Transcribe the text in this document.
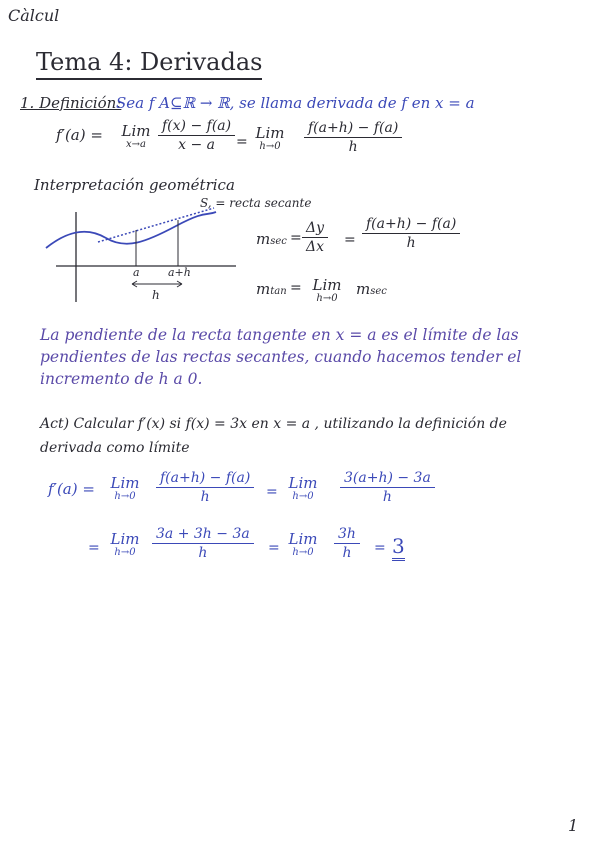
Càlcul
Tema 4: Derivadas
1. Definición:
Sea f A⊆ℝ → ℝ, se llama derivada de f en x = a
f′(a) =	Lim
x→a
f(x) − f(a)
x − a	= Lim
h→0
f(a+h) − f(a)
h
Interpretación geométrica
S, = recta secante
a	a+h
h
msec =
Δy
Δx =
f(a+h) − f(a)
h
mtan = Lim
h→0
msec
La pendiente de la recta tangente en x = a es el límite de las
pendientes de las rectas secantes, cuando hacemos tender el
incremento de h a 0.
Act) Calcular f′(x) si f(x) = 3x en x = a , utilizando la definición de
derivada como límite
f′(a) =	Lim
h→0
f(a+h) − f(a)
h	= Lim
h→0
3(a+h) − 3a
h
= Lim
h→0
3a + 3h − 3a
h	= Lim
h→0
3h
h	= 3
1
